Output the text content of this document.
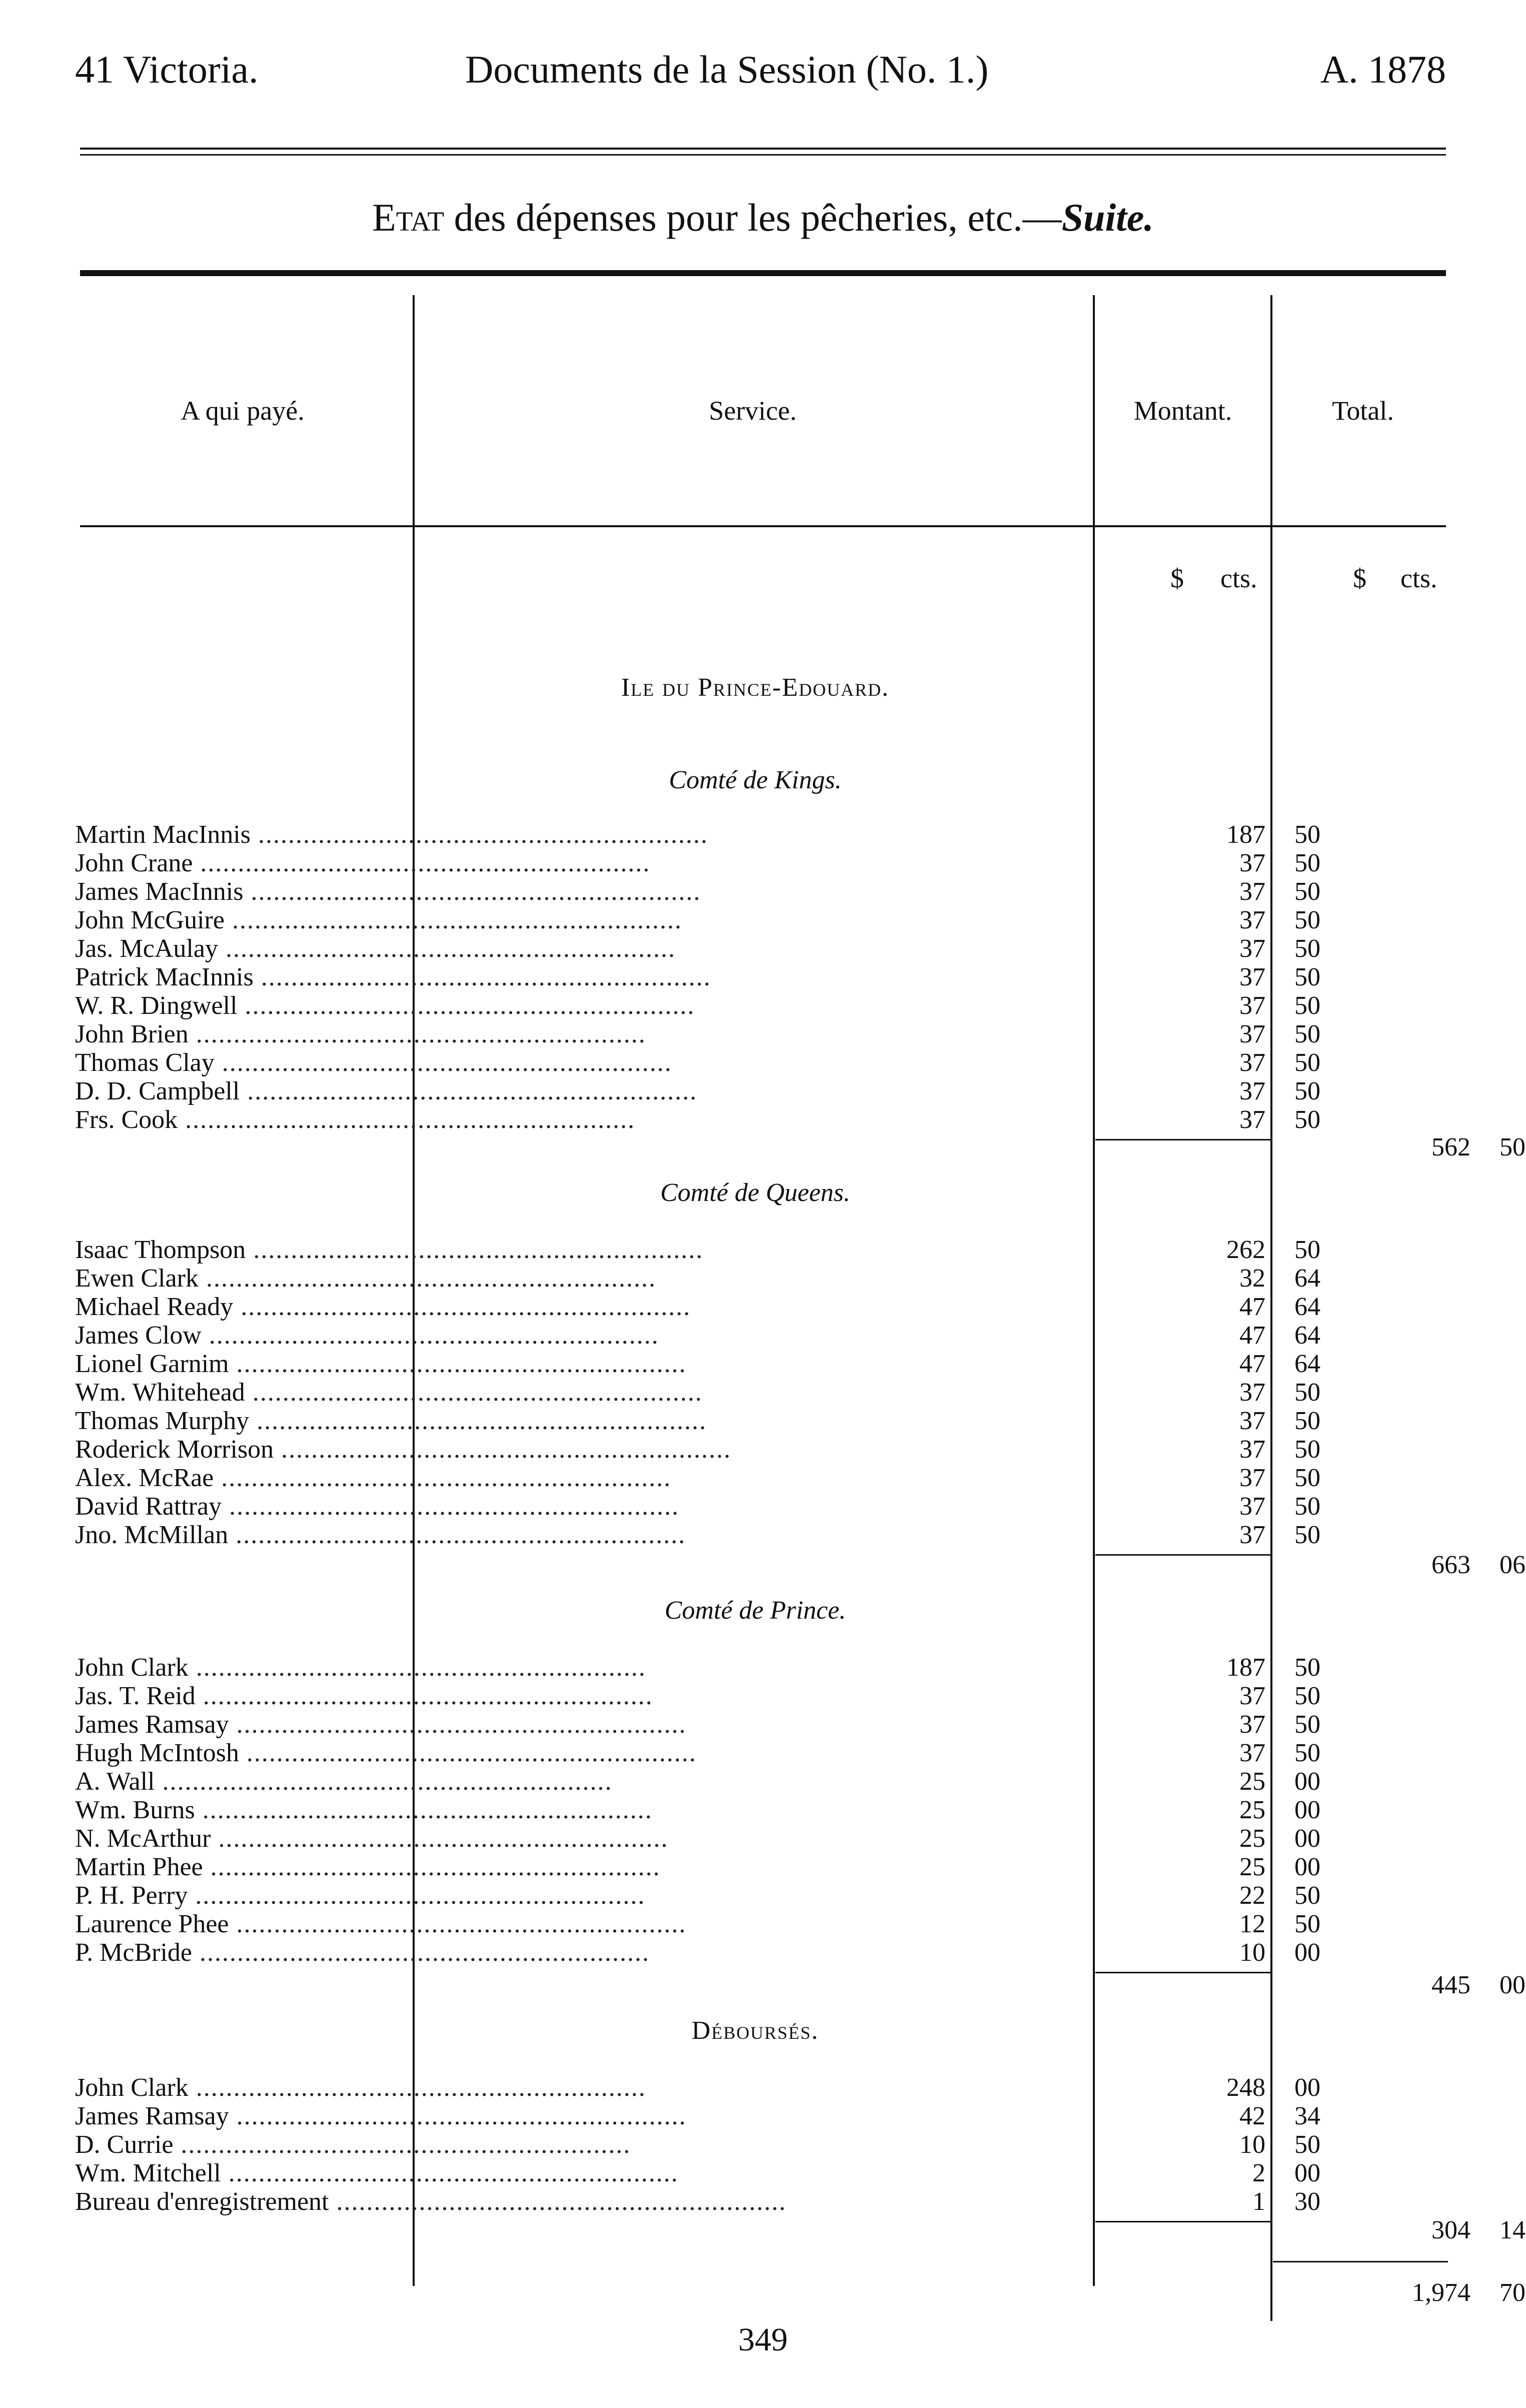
41 Victoria.	Documents de la Session (No. 1.)	A. 1878
Etat des dépenses pour les pêcheries, etc.—Suite.
A qui payé.	Service.	Montant.	Total.
$ cts.	$ cts.
Ile du Prince-Edouard.
Comté de Kings.
Martin MacInnis ............................................................	187 50
John Crane ............................................................	37 50
James MacInnis ............................................................	37 50
John McGuire ............................................................	37 50
Jas. McAulay ............................................................	37 50
Patrick MacInnis ............................................................	37 50
W. R. Dingwell ............................................................	37 50
John Brien ............................................................	37 50
Thomas Clay ............................................................	37 50
D. D. Campbell ............................................................	37 50
Frs. Cook ............................................................	37 50
562 50
Comté de Queens.
Isaac Thompson ............................................................	262 50
Ewen Clark ............................................................	32 64
Michael Ready ............................................................	47 64
James Clow ............................................................	47 64
Lionel Garnim ............................................................	47 64
Wm. Whitehead ............................................................	37 50
Thomas Murphy ............................................................	37 50
Roderick Morrison ............................................................	37 50
Alex. McRae ............................................................	37 50
David Rattray ............................................................	37 50
Jno. McMillan ............................................................	37 50
663 06
Comté de Prince.
John Clark ............................................................	187 50
Jas. T. Reid ............................................................	37 50
James Ramsay ............................................................	37 50
Hugh McIntosh ............................................................	37 50
A. Wall ............................................................	25 00
Wm. Burns ............................................................	25 00
N. McArthur ............................................................	25 00
Martin Phee ............................................................	25 00
P. H. Perry ............................................................	22 50
Laurence Phee ............................................................	12 50
P. McBride ............................................................	10 00
445 00
Déboursés.
John Clark ............................................................	248 00
James Ramsay ............................................................	42 34
D. Currie ............................................................	10 50
Wm. Mitchell ............................................................	2 00
Bureau d'enregistrement ............................................................	1 30
304 14
1,974 70
349
